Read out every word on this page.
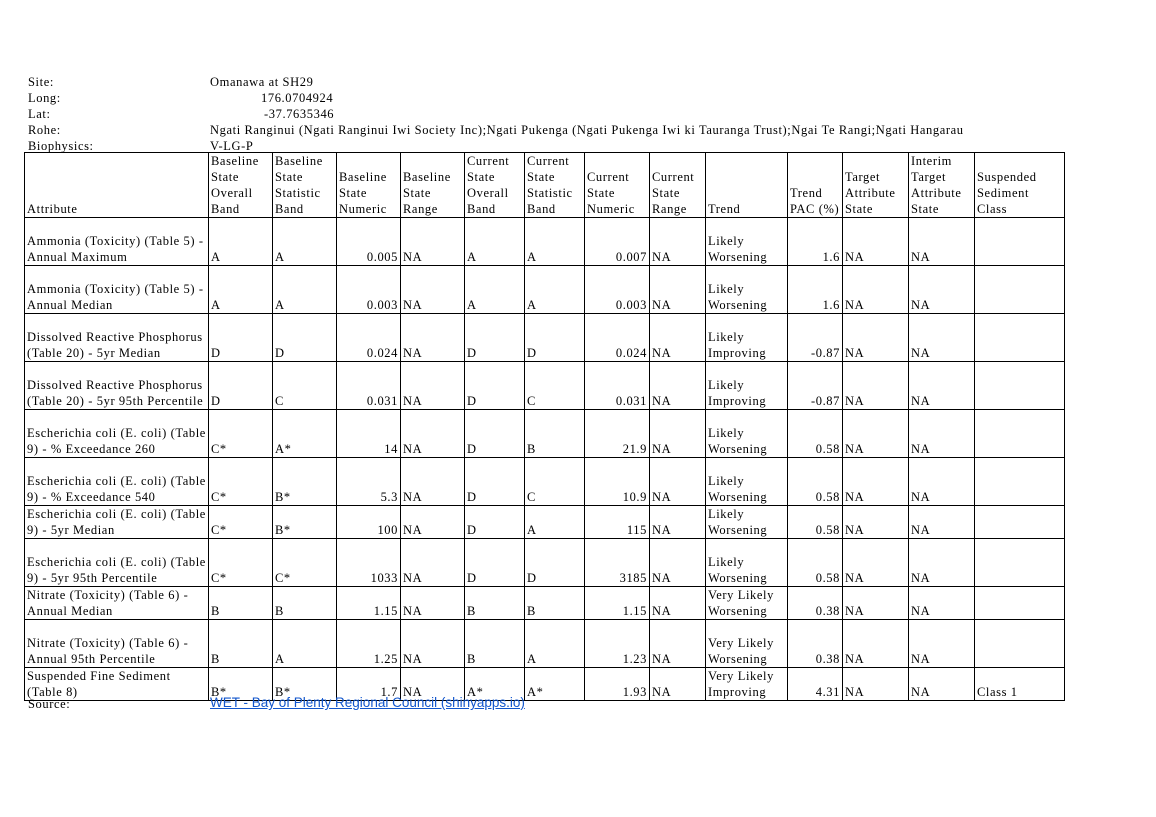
Site:	Omanawa at SH29
Long:	176.0704924
Lat:	-37.7635346
Rohe:	Ngati Ranginui (Ngati Ranginui Iwi Society Inc);Ngati Pukenga (Ngati Pukenga Iwi ki Tauranga Trust);Ngai Te Rangi;Ngati Hangarau
Biophysics:	V-LG-P
Attribute	Baseline State Overall Band	Baseline State Statistic Band	Baseline State Numeric	Baseline State Range	Current State Overall Band	Current State Statistic Band	Current State Numeric	Current State Range	Trend	Trend PAC (%)	Target Attribute State	Interim Target Attribute State	Suspended Sediment Class
Ammonia (Toxicity) (Table 5) - Annual Maximum	A	A	0.005	NA	A	A	0.007	NA	Likely Worsening	1.6	NA	NA	
Ammonia (Toxicity) (Table 5) - Annual Median	A	A	0.003	NA	A	A	0.003	NA	Likely Worsening	1.6	NA	NA	
Dissolved Reactive Phosphorus (Table 20) - 5yr Median	D	D	0.024	NA	D	D	0.024	NA	Likely Improving	-0.87	NA	NA	
Dissolved Reactive Phosphorus (Table 20) - 5yr 95th Percentile	D	C	0.031	NA	D	C	0.031	NA	Likely Improving	-0.87	NA	NA	
Escherichia coli (E. coli) (Table 9) - % Exceedance 260	C*	A*	14	NA	D	B	21.9	NA	Likely Worsening	0.58	NA	NA	
Escherichia coli (E. coli) (Table 9) - % Exceedance 540	C*	B*	5.3	NA	D	C	10.9	NA	Likely Worsening	0.58	NA	NA	
Escherichia coli (E. coli) (Table 9) - 5yr Median	C*	B*	100	NA	D	A	115	NA	Likely Worsening	0.58	NA	NA	
Escherichia coli (E. coli) (Table 9) - 5yr 95th Percentile	C*	C*	1033	NA	D	D	3185	NA	Likely Worsening	0.58	NA	NA	
Nitrate (Toxicity) (Table 6) - Annual Median	B	B	1.15	NA	B	B	1.15	NA	Very Likely Worsening	0.38	NA	NA	
Nitrate (Toxicity) (Table 6) - Annual 95th Percentile	B	A	1.25	NA	B	A	1.23	NA	Very Likely Worsening	0.38	NA	NA	
Suspended Fine Sediment (Table 8)	B*	B*	1.7	NA	A*	A*	1.93	NA	Very Likely Improving	4.31	NA	NA	Class 1
Source:	WET - Bay of Plenty Regional Council (shinyapps.io)
